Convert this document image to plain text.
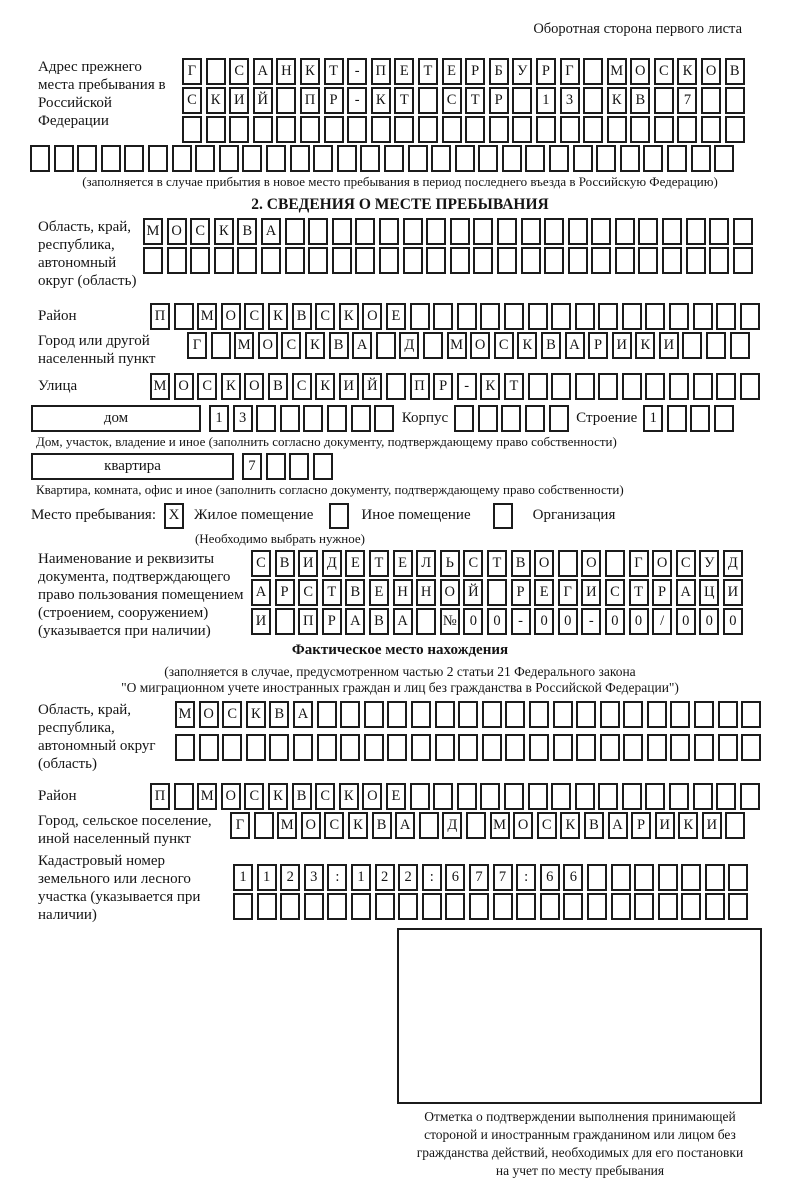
Оборотная сторона первого листа
Адрес прежнего места пребывания в Российской Федерации
Г	С А Н К Т	-	П Е	Т	Е	Р	Б У Р	Г	М О С К О В
С К И Й	П Р	-	К Т	С Т	Р	1	3	К В	7
(заполняется в случае прибытия в новое место пребывания в период последнего въезда в Российскую Федерацию)
2. СВЕДЕНИЯ О МЕСТЕ ПРЕБЫВАНИЯ
Область, край, республика, автономный округ (область)
М О С К В А
Район	П	М О С К В С К О Е
Город или другой населенный пункт
Г	М О С К В А	Д	М О С К В А Р И К И
Улица	М О С К О В С К И Й	П Р	-	К Т
дом	1	3	Корпус	Строение 1
Дом, участок, владение и иное (заполнить согласно документу, подтверждающему право собственности)
квартира	7
Квартира, комната, офис и иное (заполнить согласно документу, подтверждающему право собственности)
Место пребывания: X Жилое помещение	Иное помещение	Организация
(Необходимо выбрать нужное)
Наименование и реквизиты документа, подтверждающего право пользования помещением (строением, сооружением) (указывается при наличии)
С В И Д Е	Т	Е Л	Ь	С Т В О	О	Г О С У Д
А Р	С Т В Е Н Н О Й	Р	Е	Г И С Т	Р А Ц И
И	П Р А В А	№ 0	0	-	0	0	-	0	0	/	0	0	0
Фактическое место нахождения
(заполняется в случае, предусмотренном частью 2 статьи 21 Федерального закона
"О миграционном учете иностранных граждан и лиц без гражданства в Российской Федерации")
Область, край, республика, автономный округ (область)
М О С К В А
Район	П	М О С К В С К О Е
Город, сельское поселение, иной населенный пункт
Г	М О С К В А	Д	М О С К В А Р И К И
Кадастровый номер земельного или лесного участка (указывается при наличии)
1	1	2	3	:	1	2	2	:	6	7	7	:	6	6
Отметка о подтверждении выполнения принимающей
стороной и иностранным гражданином или лицом без
гражданства действий, необходимых для его постановки
на учет по месту пребывания
